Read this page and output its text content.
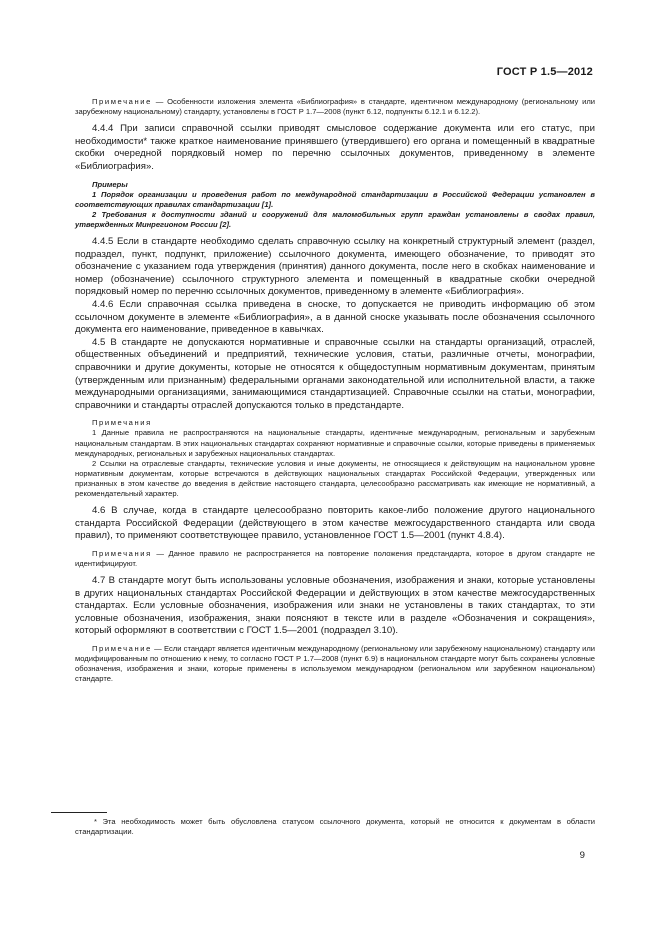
ГОСТ Р 1.5—2012

Примечание — Особенности изложения элемента «Библиография» в стандарте, идентичном международному (региональному или зарубежному национальному) стандарту, установлены в ГОСТ Р 1.7—2008 (пункт 6.12, подпункты 6.12.1 и 6.12.2).

4.4.4 При записи справочной ссылки приводят смысловое содержание документа или его статус, при необходимости* также краткое наименование принявшего (утвердившего) его органа и помещенный в квадратные скобки очередной порядковый номер по перечню ссылочных документов, приведенному в элементе «Библиография».

Примеры

1 Порядок организации и проведения работ по международной стандартизации в Российской Федерации установлен в соответствующих правилах стандартизации [1].

2 Требования к доступности зданий и сооружений для маломобильных групп граждан установлены в сводах правил, утвержденных Минрегионом России [2].

4.4.5 Если в стандарте необходимо сделать справочную ссылку на конкретный структурный элемент (раздел, подраздел, пункт, подпункт, приложение) ссылочного документа, имеющего обозначение, то приводят это обозначение с указанием года утверждения (принятия) данного документа, после него в скобках наименование и номер (обозначение) ссылочного структурного элемента и помещенный в квадратные скобки очередной порядковый номер по перечню ссылочных документов, приведенному в элементе «Библиография».

4.4.6 Если справочная ссылка приведена в сноске, то допускается не приводить информацию об этом ссылочном документе в элементе «Библиография», а в данной сноске указывать после обозначения ссылочного документа его наименование, приведенное в кавычках.

4.5 В стандарте не допускаются нормативные и справочные ссылки на стандарты организаций, отраслей, общественных объединений и предприятий, технические условия, статьи, различные отчеты, монографии, справочники и другие документы, которые не относятся к общедоступным нормативным документам, принятым (утвержденным или признанным) федеральными органами законодательной или исполнительной власти, а также международными организациями, занимающимися стандартизацией. Справочные ссылки на статьи, монографии, справочники и стандарты отраслей допускаются только в предстандарте.

Примечания

1 Данные правила не распространяются на национальные стандарты, идентичные международным, региональным и зарубежным национальным стандартам. В этих национальных стандартах сохраняют нормативные и справочные ссылки, которые приведены в применяемых международных, региональных и зарубежных национальных стандартах.

2 Ссылки на отраслевые стандарты, технические условия и иные документы, не относящиеся к действующим на национальном уровне нормативным документам, которые встречаются в действующих национальных стандартах Российской Федерации, утвержденных или признанных в этом качестве до введения в действие настоящего стандарта, целесообразно рассматривать как имеющие не нормативный, а рекомендательный характер.

4.6 В случае, когда в стандарте целесообразно повторить какое-либо положение другого национального стандарта Российской Федерации (действующего в этом качестве межгосударственного стандарта или свода правил), то применяют соответствующее правило, установленное ГОСТ 1.5—2001 (пункт 4.8.4).

Примечания — Данное правило не распространяется на повторение положения предстандарта, которое в другом стандарте не идентифицируют.

4.7 В стандарте могут быть использованы условные обозначения, изображения и знаки, которые установлены в других национальных стандартах Российской Федерации и действующих в этом качестве межгосударственных стандартах. Если условные обозначения, изображения или знаки не установлены в таких стандартах, то эти условные обозначения, изображения, знаки поясняют в тексте или в разделе «Обозначения и сокращения», который оформляют в соответствии с ГОСТ 1.5—2001 (подраздел 3.10).

Примечание — Если стандарт является идентичным международному (региональному или зарубежному национальному) стандарту или модифицированным по отношению к нему, то согласно ГОСТ Р 1.7—2008 (пункт 6.9) в национальном стандарте могут быть сохранены условные обозначения, изображения и знаки, которые применены в используемом международном (региональном или зарубежном национальном) стандарте.

* Эта необходимость может быть обусловлена статусом ссылочного документа, который не относится к документам в области стандартизации.

9
